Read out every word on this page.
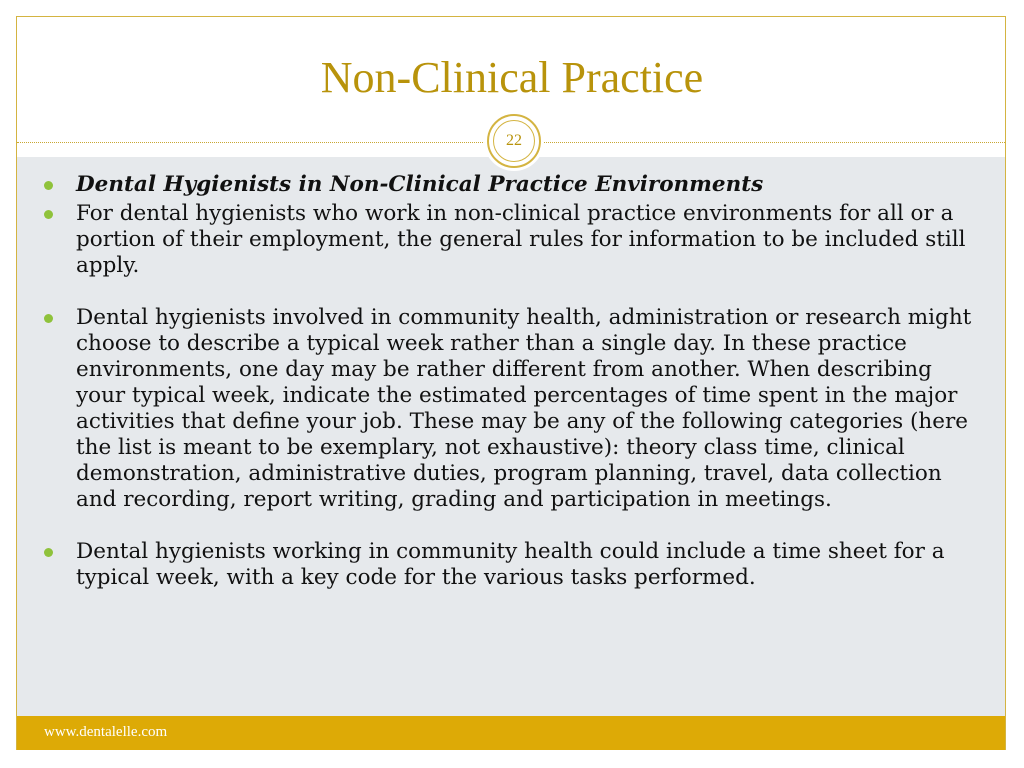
Non-Clinical Practice
22

Dental Hygienists in Non-Clinical Practice Environments

For dental hygienists who work in non-clinical practice environments for all or a portion of their employment, the general rules for information to be included still apply.

Dental hygienists involved in community health, administration or research might choose to describe a typical week rather than a single day. In these practice environments, one day may be rather different from another. When describing your typical week, indicate the estimated percentages of time spent in the major activities that define your job. These may be any of the following categories (here the list is meant to be exemplary, not exhaustive): theory class time, clinical demonstration, administrative duties, program planning, travel, data collection and recording, report writing, grading and participation in meetings.

Dental hygienists working in community health could include a time sheet for a typical week, with a key code for the various tasks performed.

www.dentalelle.com
